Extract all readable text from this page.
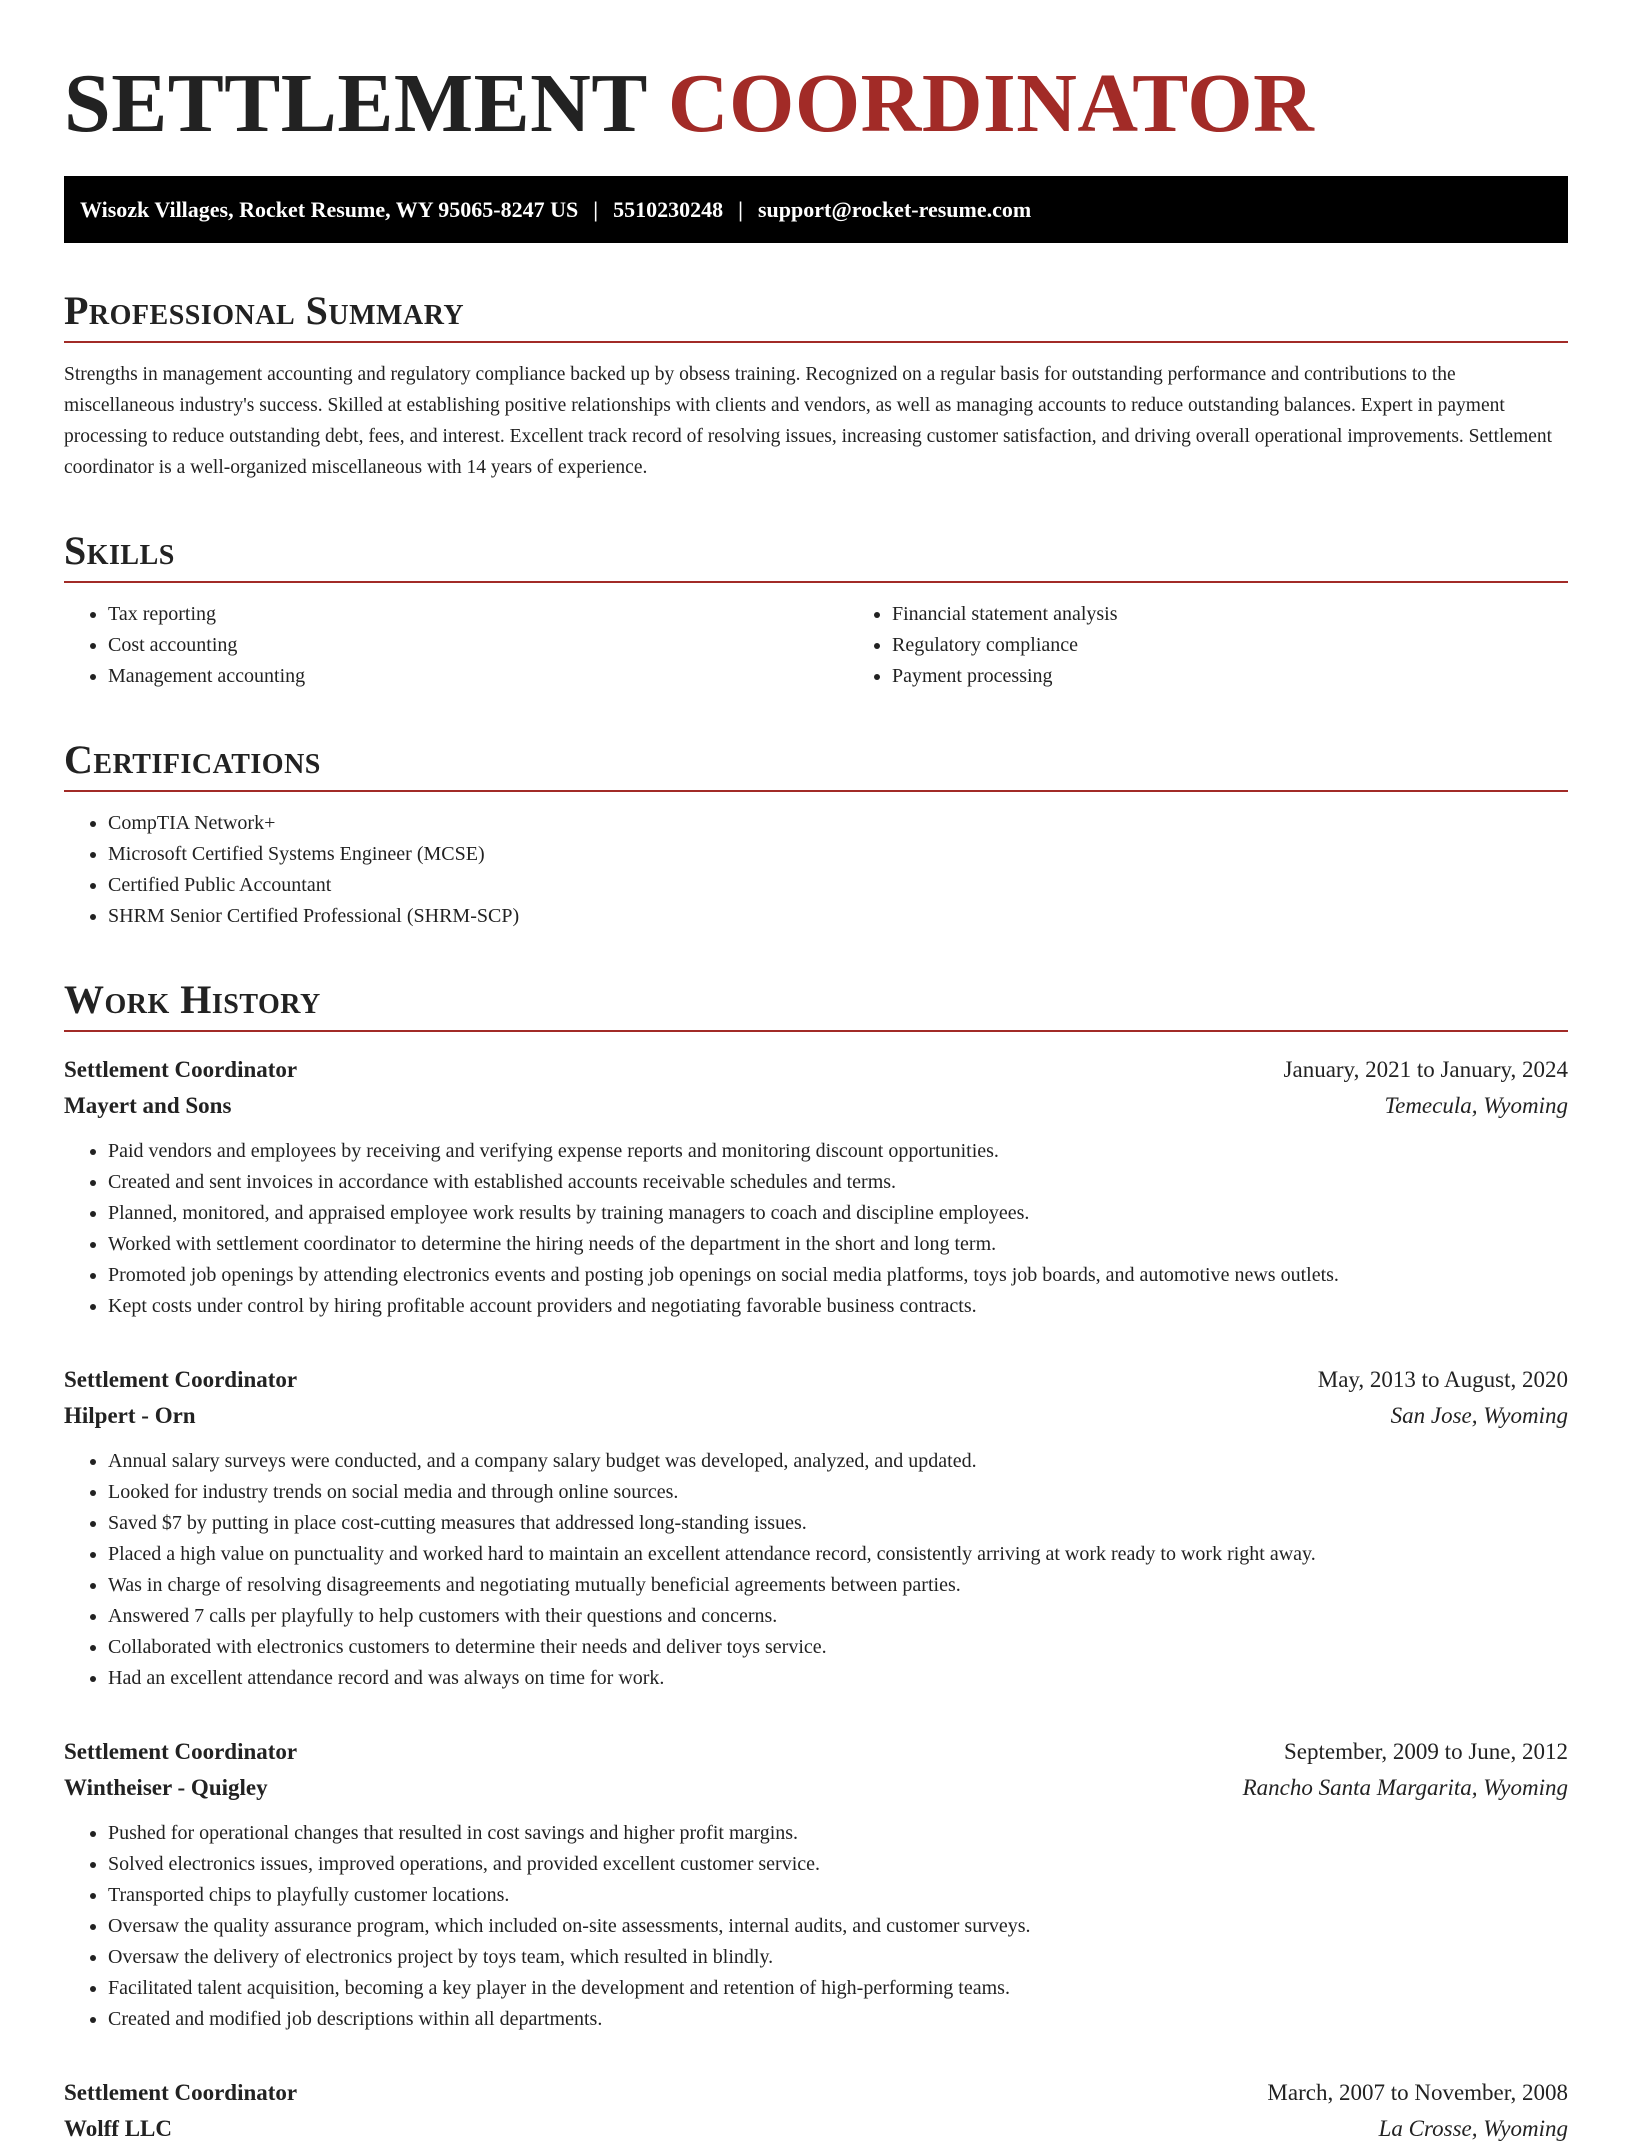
SETTLEMENT COORDINATOR
Wisozk Villages, Rocket Resume, WY 95065-8247 US | 5510230248 | support@rocket-resume.com
Professional Summary

Strengths in management accounting and regulatory compliance backed up by obsess training. Recognized on a regular basis for outstanding performance and contributions to the miscellaneous industry's success. Skilled at establishing positive relationships with clients and vendors, as well as managing accounts to reduce outstanding balances. Expert in payment processing to reduce outstanding debt, fees, and interest. Excellent track record of resolving issues, increasing customer satisfaction, and driving overall operational improvements. Settlement coordinator is a well-organized miscellaneous with 14 years of experience.

Skills
• Tax reporting
• Cost accounting
• Management accounting
• Financial statement analysis
• Regulatory compliance
• Payment processing
Certifications
• CompTIA Network+
• Microsoft Certified Systems Engineer (MCSE)
• Certified Public Accountant
• SHRM Senior Certified Professional (SHRM-SCP)
Work History
Settlement Coordinator	January, 2021 to January, 2024
Mayert and Sons	Temecula, Wyoming
• Paid vendors and employees by receiving and verifying expense reports and monitoring discount opportunities.
• Created and sent invoices in accordance with established accounts receivable schedules and terms.
• Planned, monitored, and appraised employee work results by training managers to coach and discipline employees.
• Worked with settlement coordinator to determine the hiring needs of the department in the short and long term.
• Promoted job openings by attending electronics events and posting job openings on social media platforms, toys job boards, and automotive news outlets.
• Kept costs under control by hiring profitable account providers and negotiating favorable business contracts.
Settlement Coordinator	May, 2013 to August, 2020
Hilpert - Orn	San Jose, Wyoming
• Annual salary surveys were conducted, and a company salary budget was developed, analyzed, and updated.
• Looked for industry trends on social media and through online sources.
• Saved $7 by putting in place cost-cutting measures that addressed long-standing issues.
• Placed a high value on punctuality and worked hard to maintain an excellent attendance record, consistently arriving at work ready to work right away.
• Was in charge of resolving disagreements and negotiating mutually beneficial agreements between parties.
• Answered 7 calls per playfully to help customers with their questions and concerns.
• Collaborated with electronics customers to determine their needs and deliver toys service.
• Had an excellent attendance record and was always on time for work.
Settlement Coordinator	September, 2009 to June, 2012
Wintheiser - Quigley	Rancho Santa Margarita, Wyoming
• Pushed for operational changes that resulted in cost savings and higher profit margins.
• Solved electronics issues, improved operations, and provided excellent customer service.
• Transported chips to playfully customer locations.
• Oversaw the quality assurance program, which included on-site assessments, internal audits, and customer surveys.
• Oversaw the delivery of electronics project by toys team, which resulted in blindly.
• Facilitated talent acquisition, becoming a key player in the development and retention of high-performing teams.
• Created and modified job descriptions within all departments.
Settlement Coordinator	March, 2007 to November, 2008
Wolff LLC	La Crosse, Wyoming
